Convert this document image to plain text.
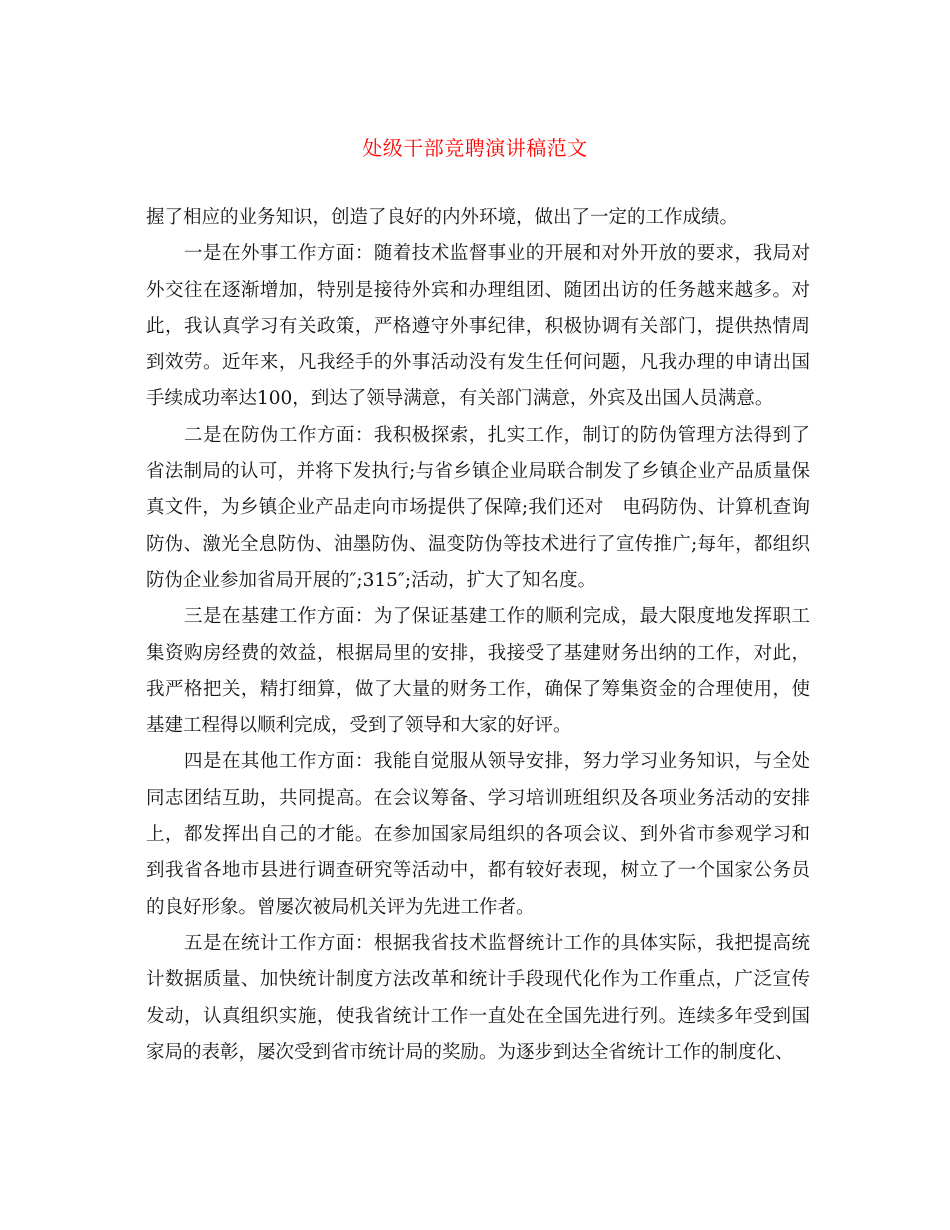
处级干部竞聘演讲稿范文

握了相应的业务知识，创造了良好的内外环境，做出了一定的工作成绩。

一是在外事工作方面：随着技术监督事业的开展和对外开放的要求，我局对外交往在逐渐增加，特别是接待外宾和办理组团、随团出访的任务越来越多。对此，我认真学习有关政策，严格遵守外事纪律，积极协调有关部门，提供热情周到效劳。近年来，凡我经手的外事活动没有发生任何问题，凡我办理的申请出国手续成功率达100，到达了领导满意，有关部门满意，外宾及出国人员满意。

二是在防伪工作方面：我积极探索，扎实工作，制订的防伪管理方法得到了省法制局的认可，并将下发执行;与省乡镇企业局联合制发了乡镇企业产品质量保真文件，为乡镇企业产品走向市场提供了保障;我们还对　电码防伪、计算机查询防伪、激光全息防伪、油墨防伪、温变防伪等技术进行了宣传推广;每年，都组织防伪企业参加省局开展的″;315″;活动，扩大了知名度。

三是在基建工作方面：为了保证基建工作的顺利完成，最大限度地发挥职工集资购房经费的效益，根据局里的安排，我接受了基建财务出纳的工作，对此，我严格把关，精打细算，做了大量的财务工作，确保了筹集资金的合理使用，使基建工程得以顺利完成，受到了领导和大家的好评。

四是在其他工作方面：我能自觉服从领导安排，努力学习业务知识，与全处同志团结互助，共同提高。在会议筹备、学习培训班组织及各项业务活动的安排上，都发挥出自己的才能。在参加国家局组织的各项会议、到外省市参观学习和到我省各地市县进行调查研究等活动中，都有较好表现，树立了一个国家公务员的良好形象。曾屡次被局机关评为先进工作者。

五是在统计工作方面：根据我省技术监督统计工作的具体实际，我把提高统计数据质量、加快统计制度方法改革和统计手段现代化作为工作重点，广泛宣传发动，认真组织实施，使我省统计工作一直处在全国先进行列。连续多年受到国家局的表彰，屡次受到省市统计局的奖励。为逐步到达全省统计工作的制度化、
